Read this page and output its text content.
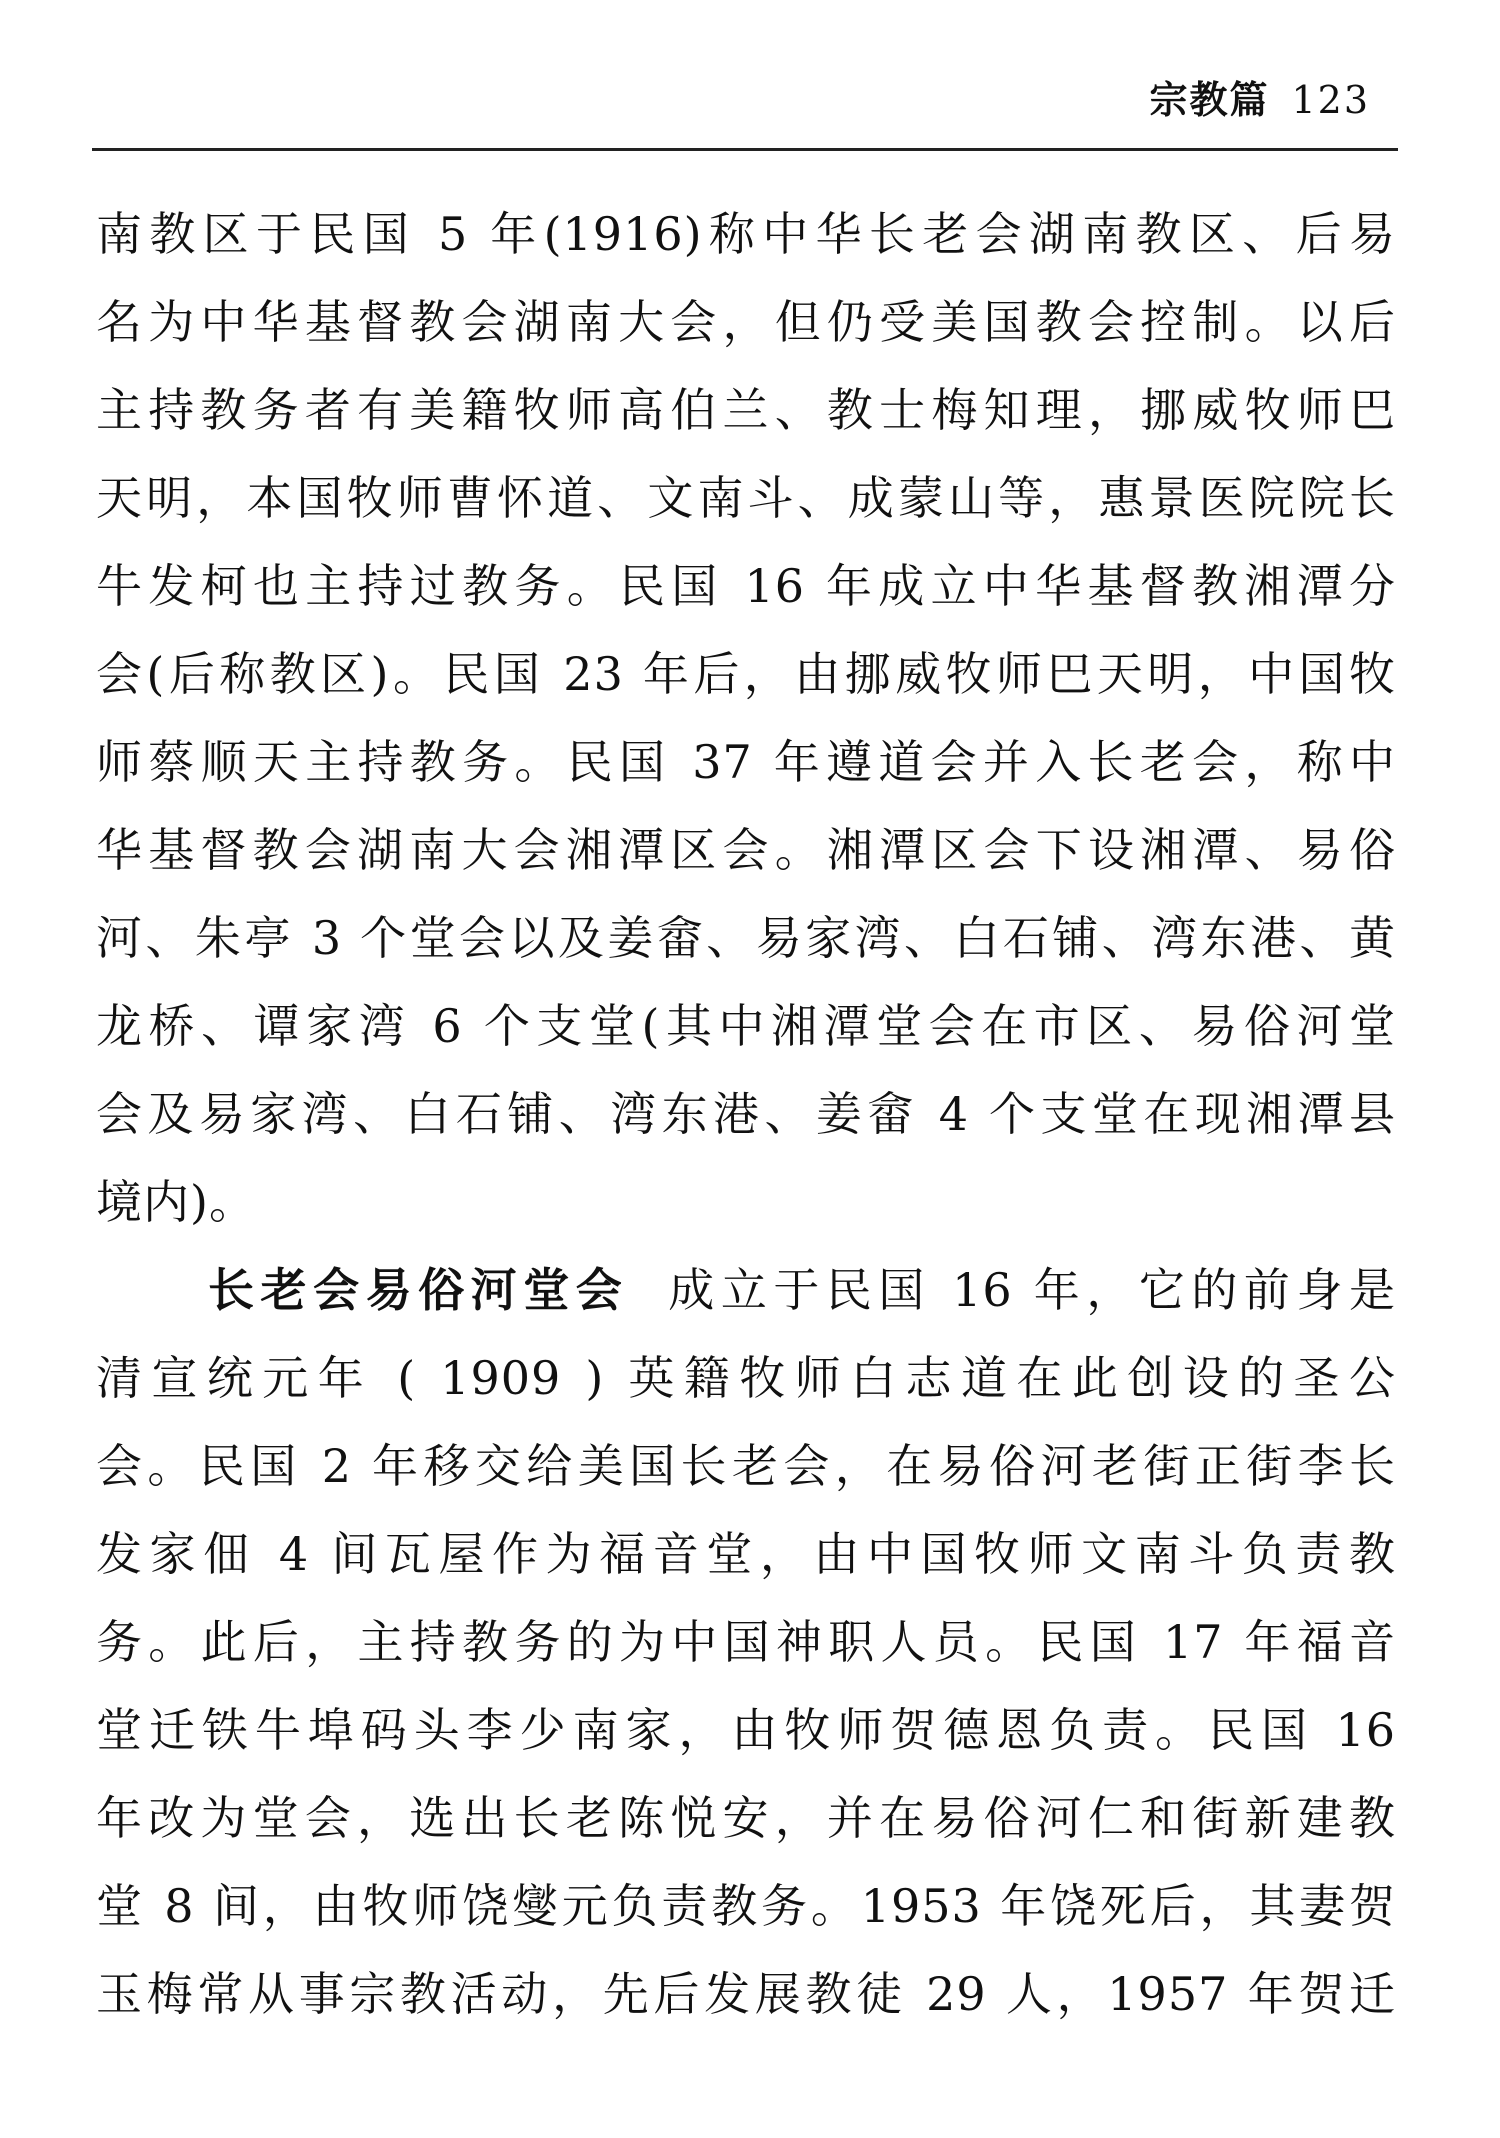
宗教篇 123
南教区于民国 5 年(1916)称中华长老会湖南教区、后易
名为中华基督教会湖南大会，但仍受美国教会控制。以后
主持教务者有美籍牧师高伯兰、教士梅知理，挪威牧师巴
天明，本国牧师曹怀道、文南斗、成蒙山等，惠景医院院长
牛发柯也主持过教务。民国 16 年成立中华基督教湘潭分
会(后称教区)。民国 23 年后，由挪威牧师巴天明，中国牧
师蔡顺天主持教务。民国 37 年遵道会并入长老会，称中
华基督教会湖南大会湘潭区会。湘潭区会下设湘潭、易俗
河、朱亭 3 个堂会以及姜畲、易家湾、白石铺、湾东港、黄
龙桥、谭家湾 6 个支堂(其中湘潭堂会在市区、易俗河堂
会及易家湾、白石铺、湾东港、姜畲 4 个支堂在现湘潭县
境内)。
长老会易俗河堂会 成立于民国 16 年，它的前身是
清宣统元年 ( 1909 ) 英籍牧师白志道在此创设的圣公
会。民国 2 年移交给美国长老会，在易俗河老街正街李长
发家佃 4 间瓦屋作为福音堂，由中国牧师文南斗负责教
务。此后，主持教务的为中国神职人员。民国 17 年福音
堂迁铁牛埠码头李少南家，由牧师贺德恩负责。民国 16
年改为堂会，选出长老陈悦安，并在易俗河仁和街新建教
堂 8 间，由牧师饶燮元负责教务。1953 年饶死后，其妻贺
玉梅常从事宗教活动，先后发展教徒 29 人，1957 年贺迁
